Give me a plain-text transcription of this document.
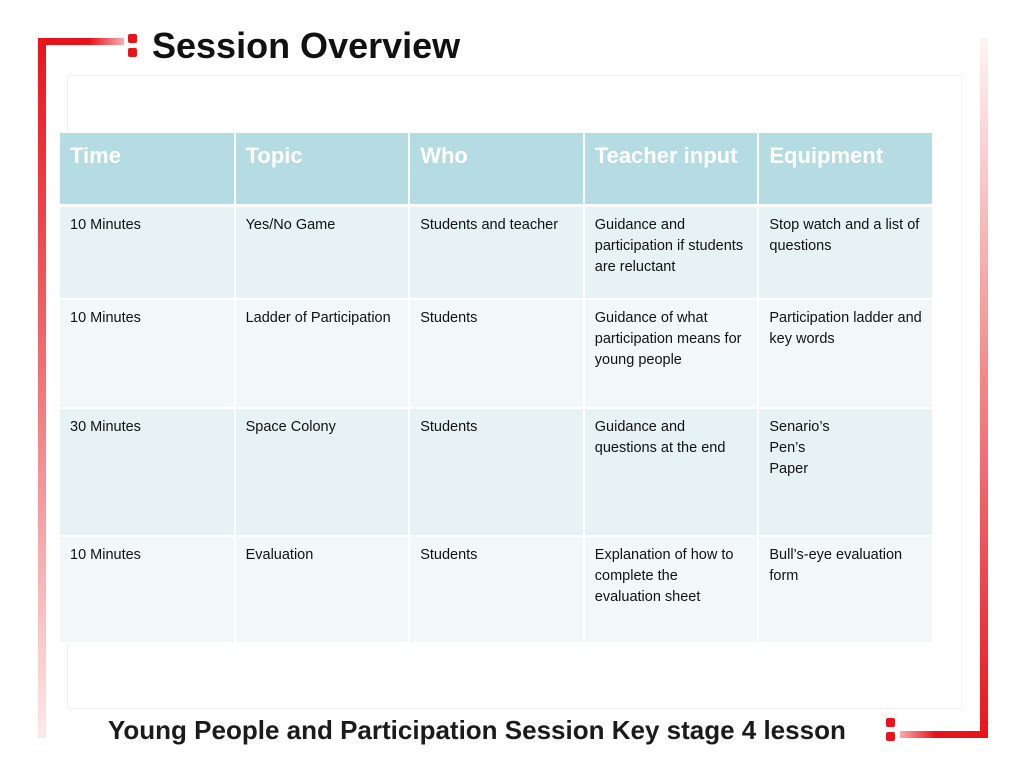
Session Overview
Time	Topic	Who	Teacher input	Equipment
10 Minutes	Yes/No Game	Students and teacher	Guidance and participation if students are reluctant	Stop watch and a list of questions

10 Minutes	Ladder of Participation	Students	Guidance of what participation means for young people	Participation ladder and key words

30 Minutes	Space Colony	Students	Guidance and questions at the end	Senario’s
Pen’s
Paper

10 Minutes	Evaluation	Students	Explanation of how to complete the evaluation sheet	Bull’s-eye evaluation form

Young People and Participation Session Key stage 4 lesson
